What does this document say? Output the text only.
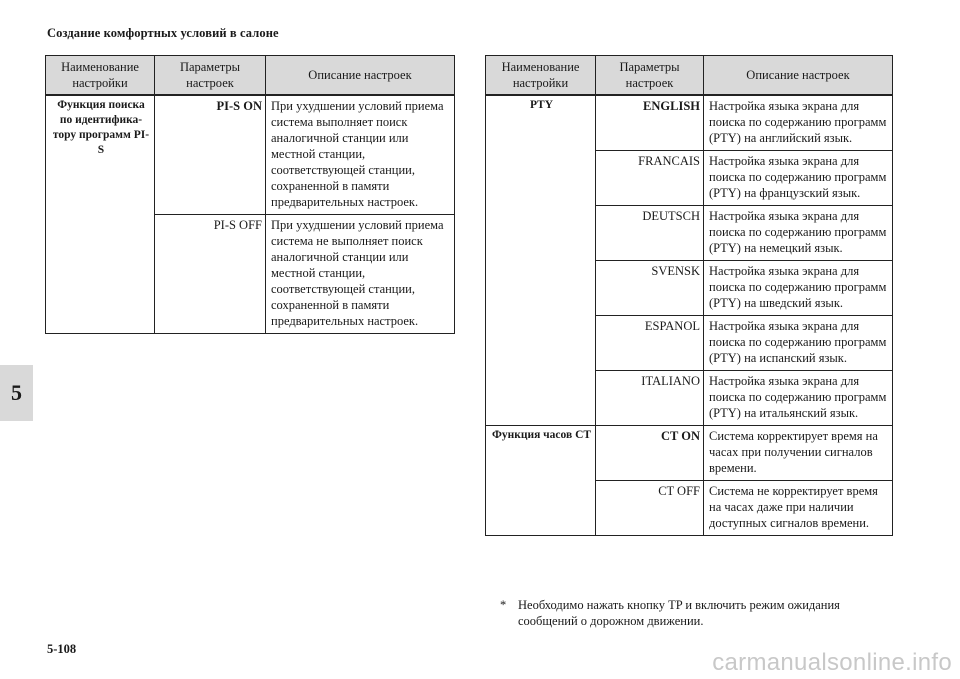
Создание комфортных условий в салоне
5
Наименование настройки	Параметры настроек	Описание настроек
Функция поиска по идентифика-тору программ PI-S	PI-S ON	При ухудшении условий приема система выполняет поиск аналогичной станции или местной станции, соответствующей станции, сохраненной в памяти предварительных настроек.
	PI-S OFF	При ухудшении условий приема система не выполняет поиск аналогичной станции или местной станции, соответствующей станции, сохраненной в памяти предварительных настроек.
Наименование настройки	Параметры настроек	Описание настроек
PTY	ENGLISH	Настройка языка экрана для поиска по содержанию программ (PTY) на английский язык.
	FRANCAIS	Настройка языка экрана для поиска по содержанию программ (PTY) на французский язык.
	DEUTSCH	Настройка языка экрана для поиска по содержанию программ (PTY) на немецкий язык.
	SVENSK	Настройка языка экрана для поиска по содержанию программ (PTY) на шведский язык.
	ESPANOL	Настройка языка экрана для поиска по содержанию программ (PTY) на испанский язык.
	ITALIANO	Настройка языка экрана для поиска по содержанию программ (PTY) на итальянский язык.
Функция часов CT	CT ON	Система корректирует время на часах при получении сигналов времени.
	CT OFF	Система не корректирует время на часах даже при наличии доступных сигналов времени.
* Необходимо нажать кнопку TP и включить режим ожидания сообщений о дорожном движении.
5-108	carmanualsonline.info
